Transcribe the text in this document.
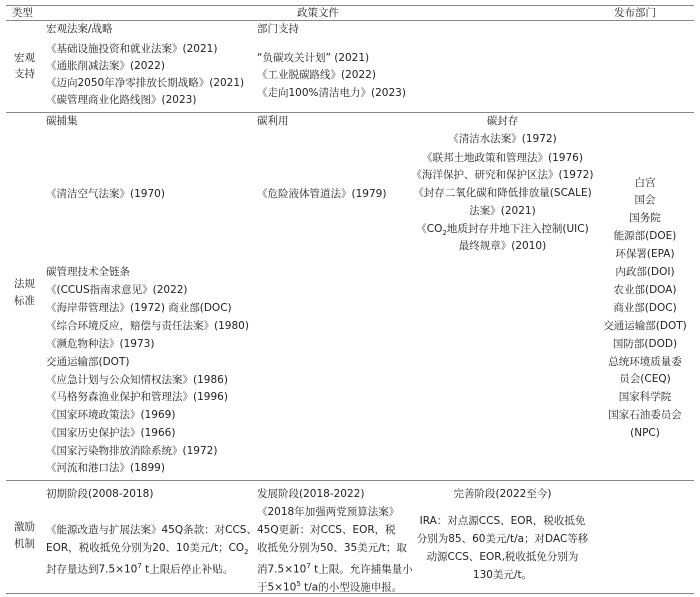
类型	政策文件	发布部门
宏观
支持
宏观法案/战略
《基础设施投资和就业法案》(2021)
《通胀削减法案》(2022)
《迈向2050年净零排放长期战略》(2021)
《碳管理商业化路线图》(2023)
部门支持
“负碳攻关计划” (2021)
《工业脱碳路线》(2022)
《走向100%清洁电力》(2023)
法规
标准
碳捕集
《清洁空气法案》(1970)
碳利用
《危险液体管道法》(1979)
碳封存
《清洁水法案》(1972)
《联邦土地政策和管理法》(1976)
《海洋保护、研究和保护区法》(1972)
《封存二氧化碳和降低排放量(SCALE)
法案》(2021)
《$CO_2$地质封存井地下注入控制(UIC)
最终规章》(2010)
碳管理技术全链条
《(CCUS指南求意见》(2022)
《海岸带管理法》(1972) 商业部(DOC)
《综合环境反应，赔偿与责任法案》(1980)
《濒危物种法》(1973)
交通运输部(DOT)
《应急计划与公众知情权法案》(1986)
《马格努森渔业保护和管理法》(1996)
《国家环境政策法》(1969)
《国家历史保护法》(1966)
《国家污染物排放消除系统》(1972)
《河流和港口法》(1899)
白宫
国会
国务院
能源部(DOE)
环保署(EPA)
内政部(DOI)
农业部(DOA)
商业部(DOC)
交通运输部(DOT)
国防部(DOD)
总统环境质量委
员会(CEQ)
国家科学院
国家石油委员会
(NPC)
激励
机制
初期阶段(2008-2018)
《能源改造与扩展法案》45Q条款：对CCS、
EOR，税收抵免分别为20、10美元/t；$CO_2$
封存量达到$7.5\times 10^7$ t上限后停止补贴。
发展阶段(2018-2022)
《2018年加强两党预算法案》
45Q更新：对CCS、EOR，税
收抵免分别为50、35美元/t；取
消$7.5\times 10^7$ t上限。允许捕集量小
于$5\times 10^5$ t/a的小型设施申报。
完善阶段(2022至今)
IRA：对点源CCS、EOR，税收抵免
分别为85、60美元/t/a；对DAC等移
动源CCS、EOR,税收抵免分别为
130美元/t。
